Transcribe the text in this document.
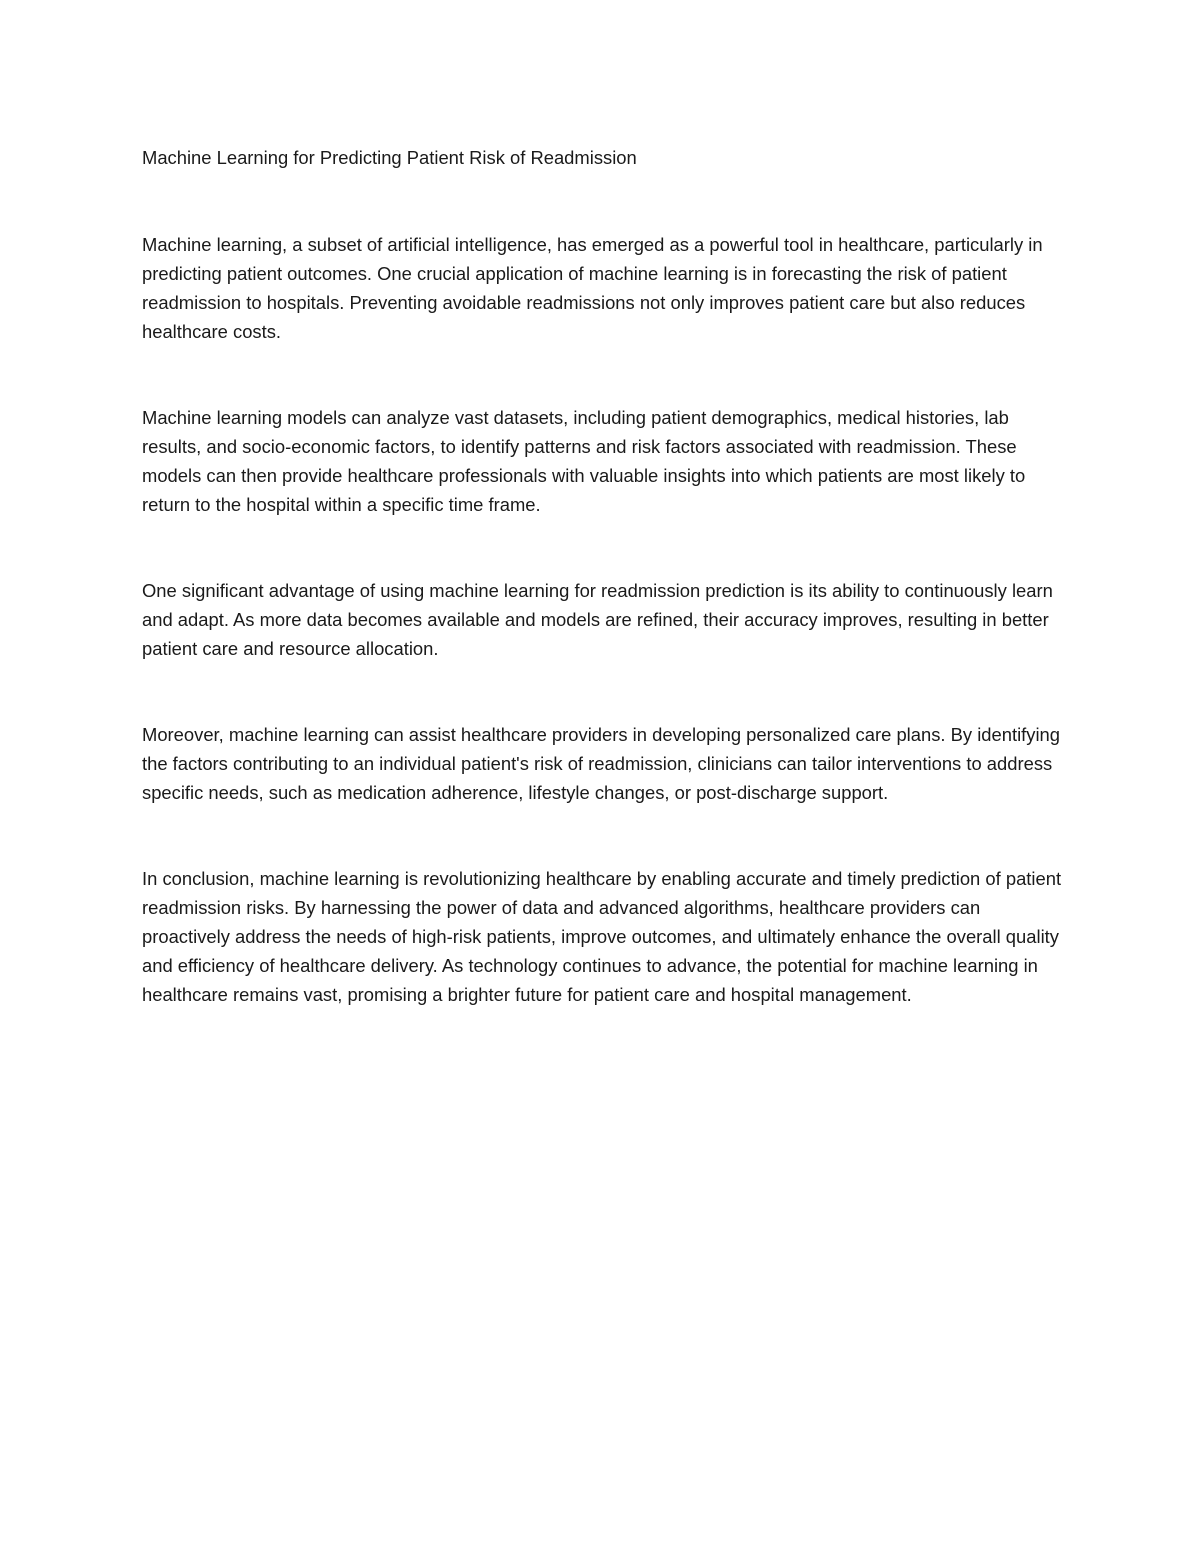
Machine Learning for Predicting Patient Risk of Readmission

Machine learning, a subset of artificial intelligence, has emerged as a powerful tool in healthcare, particularly in predicting patient outcomes. One crucial application of machine learning is in forecasting the risk of patient readmission to hospitals. Preventing avoidable readmissions not only improves patient care but also reduces healthcare costs.

Machine learning models can analyze vast datasets, including patient demographics, medical histories, lab results, and socio-economic factors, to identify patterns and risk factors associated with readmission. These models can then provide healthcare professionals with valuable insights into which patients are most likely to return to the hospital within a specific time frame.

One significant advantage of using machine learning for readmission prediction is its ability to continuously learn and adapt. As more data becomes available and models are refined, their accuracy improves, resulting in better patient care and resource allocation.

Moreover, machine learning can assist healthcare providers in developing personalized care plans. By identifying the factors contributing to an individual patient's risk of readmission, clinicians can tailor interventions to address specific needs, such as medication adherence, lifestyle changes, or post-discharge support.

In conclusion, machine learning is revolutionizing healthcare by enabling accurate and timely prediction of patient readmission risks. By harnessing the power of data and advanced algorithms, healthcare providers can proactively address the needs of high-risk patients, improve outcomes, and ultimately enhance the overall quality and efficiency of healthcare delivery. As technology continues to advance, the potential for machine learning in healthcare remains vast, promising a brighter future for patient care and hospital management.
